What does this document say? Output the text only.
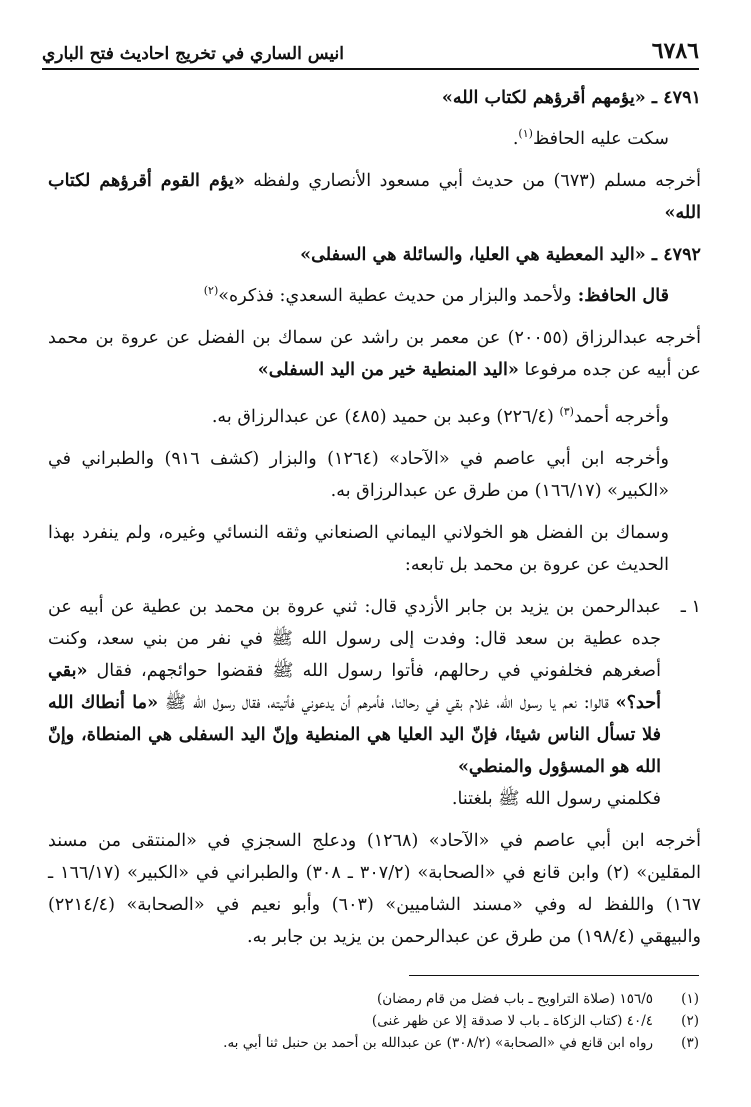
٦٧٨٦
انيس الساري في تخريج احاديث فتح الباري

٤٧٩١ ـ «يؤمهم أقرؤهم لكتاب الله»

سكت عليه الحافظ$^{(١)}$.

أخرجه مسلم (٦٧٣) من حديث أبي مسعود الأنصاري ولفظه «يؤم القوم أقرؤهم لكتاب الله»

٤٧٩٢ ـ «اليد المعطية هي العليا، والسائلة هي السفلى»

قال الحافظ: ولأحمد والبزار من حديث عطية السعدي: فذكره»$^{(٢)}$

أخرجه عبدالرزاق (٢٠٠٥٥) عن معمر بن راشد عن سماك بن الفضل عن عروة بن محمد عن أبيه عن جده مرفوعا «اليد المنطية خير من اليد السفلى»

وأخرجه أحمد$^{(٣)}$ (٢٢٦/٤) وعبد بن حميد (٤٨٥) عن عبدالرزاق به.

وأخرجه ابن أبي عاصم في «الآحاد» (١٢٦٤) والبزار (كشف ٩١٦) والطبراني في «الكبير» (١٦٦/١٧) من طرق عن عبدالرزاق به.

وسماك بن الفضل هو الخولاني اليماني الصنعاني وثقه النسائي وغيره، ولم ينفرد بهذا الحديث عن عروة بن محمد بل تابعه:

١ ـ

عبدالرحمن بن يزيد بن جابر الأزدي قال: ثني عروة بن محمد بن عطية عن أبيه عن جده عطية بن سعد قال: وفدت إلى رسول الله ﷺ في نفر من بني سعد، وكنت أصغرهم فخلفوني في رحالهم، فأتوا رسول الله ﷺ فقضوا حوائجهم، فقال «بقي أحد؟» قالوا: نعم يا رسول الله، غلام بقي في رحالنا، فأمرهم أن يدعوني فأتيته، فقال رسول الله ﷺ «ما أنطاك الله فلا تسأل الناس شيئا، فإنّ اليد العليا هي المنطية وإنّ اليد السفلى هي المنطاة، وإنّ الله هو المسؤول والمنطي»

فكلمني رسول الله ﷺ بلغتنا.

أخرجه ابن أبي عاصم في «الآحاد» (١٢٦٨) ودعلج السجزي في «المنتقى من مسند المقلين» (٢) وابن قانع في «الصحابة» (٣٠٧/٢ ـ ٣٠٨) والطبراني في «الكبير» (١٦٦/١٧ ـ ١٦٧) واللفظ له وفي «مسند الشاميين» (٦٠٣) وأبو نعيم في «الصحابة» (٢٢١٤/٤) والبيهقي (١٩٨/٤) من طرق عن عبدالرحمن بن يزيد بن جابر به.

(١)
١٥٦/٥ (صلاة التراويح ـ باب فضل من قام رمضان)

(٢)
٤٠/٤ (كتاب الزكاة ـ باب لا صدقة إلا عن ظهر غنى)

(٣)
رواه ابن قانع في «الصحابة» (٣٠٨/٢) عن عبدالله بن أحمد بن حنبل ثنا أبي به.
